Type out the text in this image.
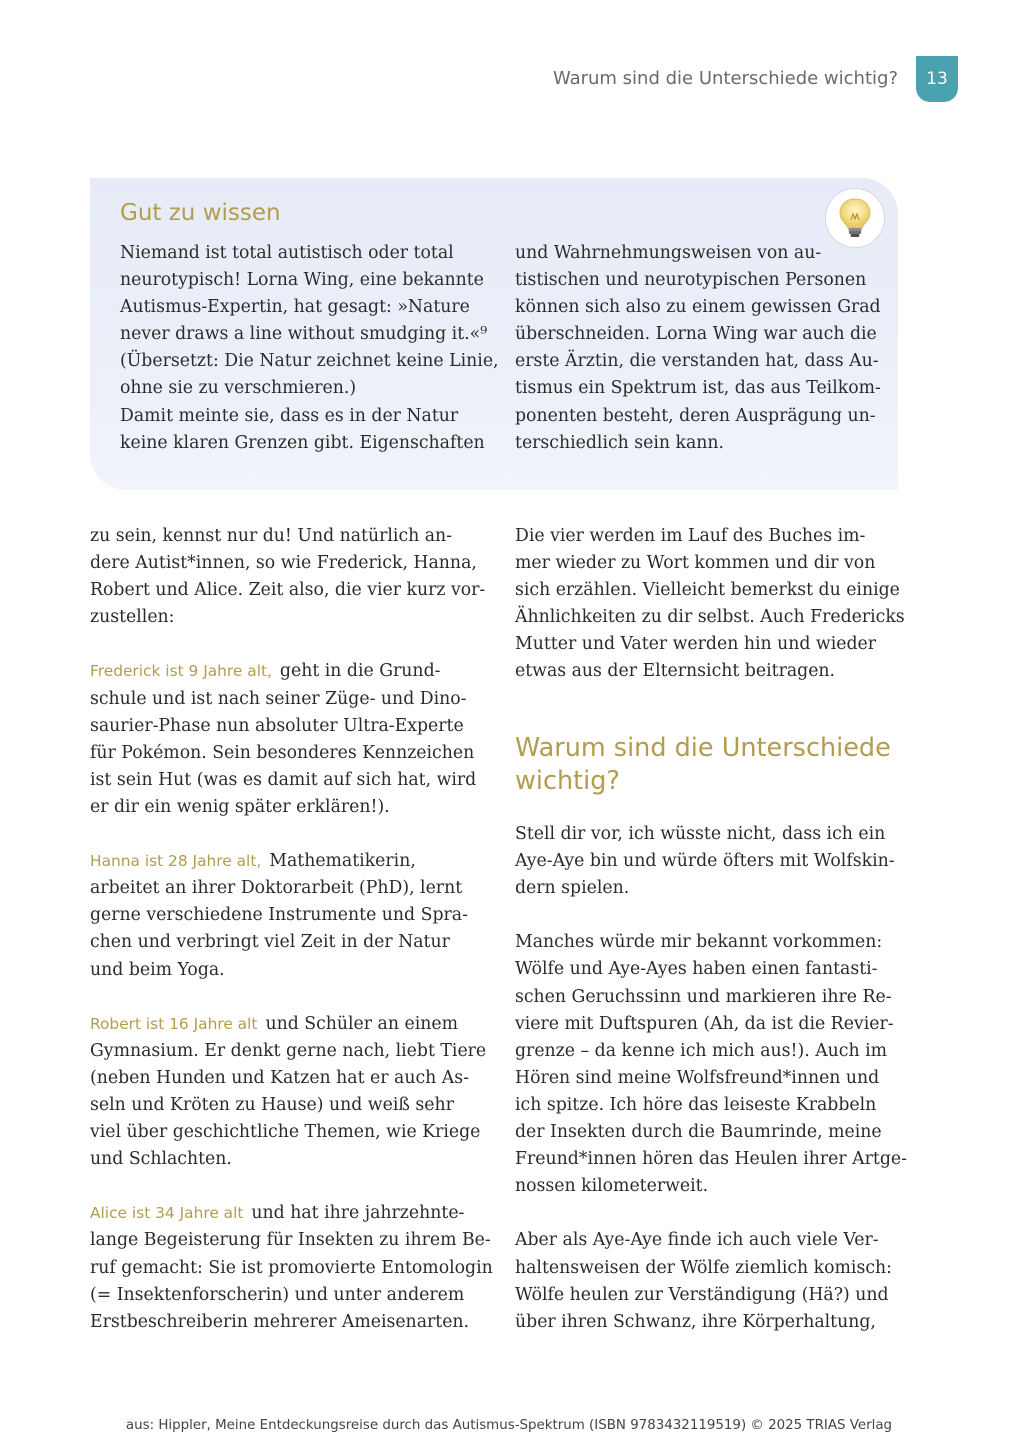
Warum sind die Unterschiede wichtig?	13
Gut zu wissen
Niemand ist total autistisch oder total
neurotypisch! Lorna Wing, eine bekannte
Autismus-Expertin, hat gesagt: »Nature
never draws a line without smudging it.«⁹
(Übersetzt: Die Natur zeichnet keine Linie,
ohne sie zu verschmieren.)
Damit meinte sie, dass es in der Natur
keine klaren Grenzen gibt. Eigenschaften
und Wahrnehmungsweisen von au-
tistischen und neurotypischen Personen
können sich also zu einem gewissen Grad
überschneiden. Lorna Wing war auch die
erste Ärztin, die verstanden hat, dass Au-
tismus ein Spektrum ist, das aus Teilkom-
ponenten besteht, deren Ausprägung un-
terschiedlich sein kann.
zu sein, kennst nur du! Und natürlich an-
dere Autist*innen, so wie Frederick, Hanna,
Robert und Alice. Zeit also, die vier kurz vor-
zustellen:
Frederick ist 9 Jahre alt, geht in die Grund-
schule und ist nach seiner Züge- und Dino-
saurier-Phase nun absoluter Ultra-Experte
für Pokémon. Sein besonderes Kennzeichen
ist sein Hut (was es damit auf sich hat, wird
er dir ein wenig später erklären!).
Hanna ist 28 Jahre alt, Mathematikerin,
arbeitet an ihrer Doktorarbeit (PhD), lernt
gerne verschiedene Instrumente und Spra-
chen und verbringt viel Zeit in der Natur
und beim Yoga.
Robert ist 16 Jahre alt und Schüler an einem
Gymnasium. Er denkt gerne nach, liebt Tiere
(neben Hunden und Katzen hat er auch As-
seln und Kröten zu Hause) und weiß sehr
viel über geschichtliche Themen, wie Kriege
und Schlachten.
Alice ist 34 Jahre alt und hat ihre jahrzehnte-
lange Begeisterung für Insekten zu ihrem Be-
ruf gemacht: Sie ist promovierte Entomologin
(= Insektenforscherin) und unter anderem
Erstbeschreiberin mehrerer Ameisenarten.
Die vier werden im Lauf des Buches im-
mer wieder zu Wort kommen und dir von
sich erzählen. Vielleicht bemerkst du einige
Ähnlichkeiten zu dir selbst. Auch Fredericks
Mutter und Vater werden hin und wieder
etwas aus der Elternsicht beitragen.
Warum sind die Unterschiede
wichtig?
Stell dir vor, ich wüsste nicht, dass ich ein
Aye-Aye bin und würde öfters mit Wolfskin-
dern spielen.
Manches würde mir bekannt vorkommen:
Wölfe und Aye-Ayes haben einen fantasti-
schen Geruchssinn und markieren ihre Re-
viere mit Duftspuren (Ah, da ist die Revier-
grenze – da kenne ich mich aus!). Auch im
Hören sind meine Wolfsfreund*innen und
ich spitze. Ich höre das leiseste Krabbeln
der Insekten durch die Baumrinde, meine
Freund*innen hören das Heulen ihrer Artge-
nossen kilometerweit.
Aber als Aye-Aye finde ich auch viele Ver-
haltensweisen der Wölfe ziemlich komisch:
Wölfe heulen zur Verständigung (Hä?) und
über ihren Schwanz, ihre Körperhaltung,
aus: Hippler, Meine Entdeckungsreise durch das Autismus-Spektrum (ISBN 9783432119519) © 2025 TRIAS Verlag
